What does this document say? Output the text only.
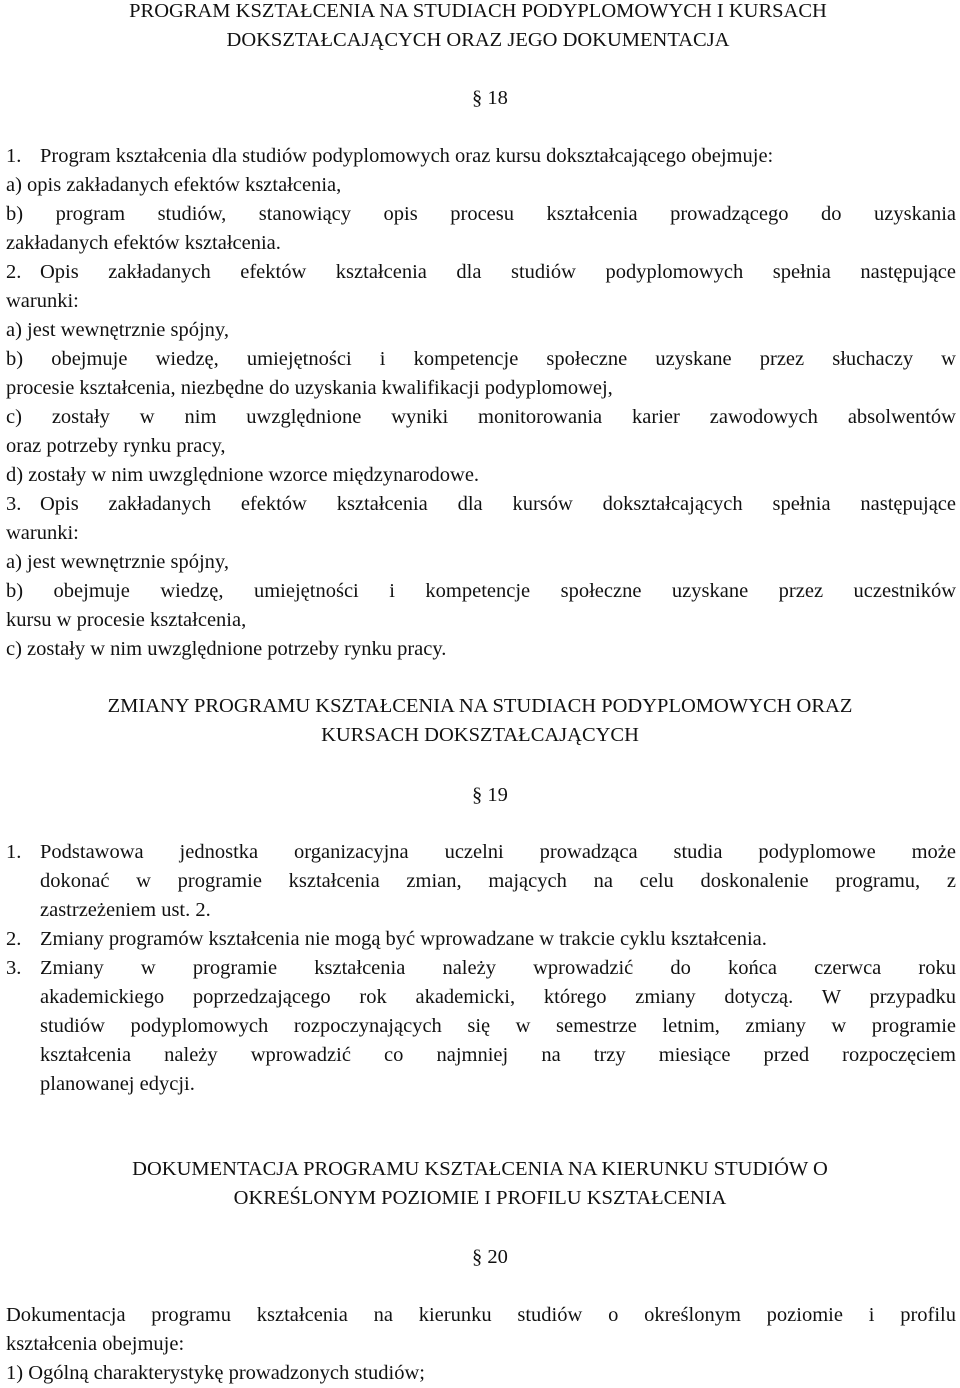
PROGRAM KSZTAŁCENIA NA STUDIACH PODYPLOMOWYCH I KURSACH
DOKSZTAŁCAJĄCYCH ORAZ JEGO DOKUMENTACJA
§ 18
1. Program kształcenia dla studiów podyplomowych oraz kursu dokształcającego obejmuje:
a) opis zakładanych efektów kształcenia,
b) program studiów, stanowiący opis procesu kształcenia prowadzącego do uzyskania
zakładanych efektów kształcenia.
2. Opis zakładanych efektów kształcenia dla studiów podyplomowych spełnia następujące
warunki:
a) jest wewnętrznie spójny,
b) obejmuje wiedzę, umiejętności i kompetencje społeczne uzyskane przez słuchaczy w
procesie kształcenia, niezbędne do uzyskania kwalifikacji podyplomowej,
c) zostały w nim uwzględnione wyniki monitorowania karier zawodowych absolwentów
oraz potrzeby rynku pracy,
d) zostały w nim uwzględnione wzorce międzynarodowe.
3. Opis zakładanych efektów kształcenia dla kursów dokształcających spełnia następujące
warunki:
a) jest wewnętrznie spójny,
b) obejmuje wiedzę, umiejętności i kompetencje społeczne uzyskane przez uczestników
kursu w procesie kształcenia,
c) zostały w nim uwzględnione potrzeby rynku pracy.
ZMIANY PROGRAMU KSZTAŁCENIA NA STUDIACH PODYPLOMOWYCH ORAZ
KURSACH DOKSZTAŁCAJĄCYCH
§ 19
1. Podstawowa jednostka organizacyjna uczelni prowadząca studia podyplomowe może
dokonać w programie kształcenia zmian, mających na celu doskonalenie programu, z
zastrzeżeniem ust. 2.
2. Zmiany programów kształcenia nie mogą być wprowadzane w trakcie cyklu kształcenia.
3. Zmiany w programie kształcenia należy wprowadzić do końca czerwca roku
akademickiego poprzedzającego rok akademicki, którego zmiany dotyczą. W przypadku
studiów podyplomowych rozpoczynających się w semestrze letnim, zmiany w programie
kształcenia należy wprowadzić co najmniej na trzy miesiące przed rozpoczęciem
planowanej edycji.
DOKUMENTACJA PROGRAMU KSZTAŁCENIA NA KIERUNKU STUDIÓW O
OKREŚLONYM POZIOMIE I PROFILU KSZTAŁCENIA
§ 20
Dokumentacja programu kształcenia na kierunku studiów o określonym poziomie i profilu
kształcenia obejmuje:
1) Ogólną charakterystykę prowadzonych studiów;
